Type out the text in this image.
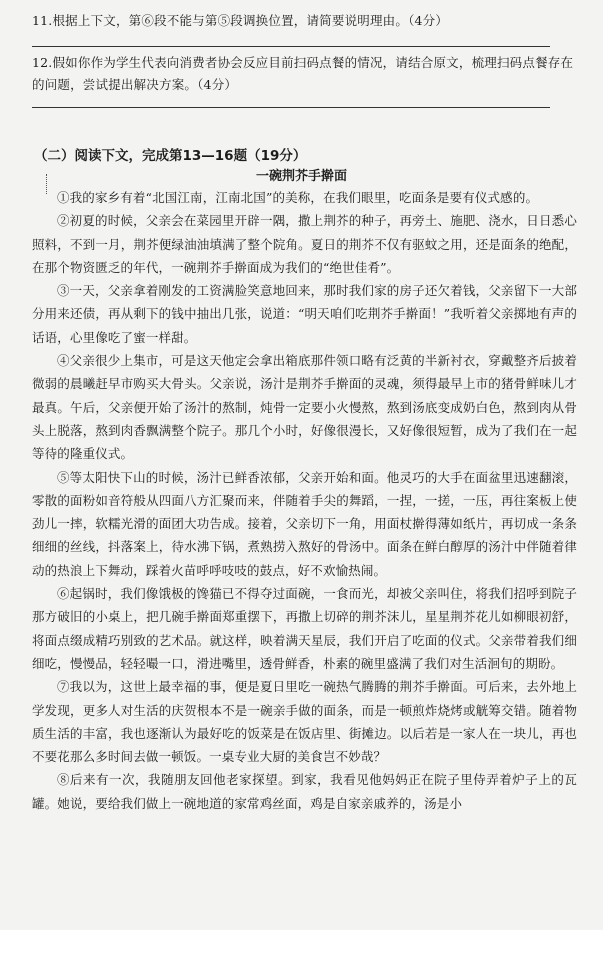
11.根据上下文，第⑥段不能与第⑤段调换位置，请简要说明理由。（4分）
12.假如你作为学生代表向消费者协会反应目前扫码点餐的情况，请结合原文，梳理扫码点餐存在的问题，尝试提出解决方案。（4分）
（二）阅读下文，完成第13—16题（19分）
一碗荆芥手擀面

①我的家乡有着“北国江南，江南北国”的美称，在我们眼里，吃面条是要有仪式感的。

②初夏的时候，父亲会在菜园里开辟一隅，撒上荆芥的种子，再旁土、施肥、浇水，日日悉心照料，不到一月，荆芥便绿油油填满了整个院角。夏日的荆芥不仅有驱蚊之用，还是面条的绝配，在那个物资匮乏的年代，一碗荆芥手擀面成为我们的“绝世佳肴”。

③一天，父亲拿着刚发的工资满脸笑意地回来，那时我们家的房子还欠着钱，父亲留下一大部分用来还债，再从剩下的钱中抽出几张，说道：“明天咱们吃荆芥手擀面！”我听着父亲掷地有声的话语，心里像吃了蜜一样甜。

④父亲很少上集市，可是这天他定会拿出箱底那件领口略有泛黄的半新衬衣，穿戴整齐后披着微弱的晨曦赶早市购买大骨头。父亲说，汤汁是荆芥手擀面的灵魂，须得最早上市的猪骨鲜味儿才最真。午后，父亲便开始了汤汁的熬制，炖骨一定要小火慢熬，熬到汤底变成奶白色，熬到肉从骨头上脱落，熬到肉香飘满整个院子。那几个小时，好像很漫长，又好像很短暂，成为了我们在一起等待的隆重仪式。

⑤等太阳快下山的时候，汤汁已鲜香浓郁，父亲开始和面。他灵巧的大手在面盆里迅速翻滚，零散的面粉如音符般从四面八方汇聚而来，伴随着手尖的舞蹈，一捏，一搓，一压，再往案板上使劲儿一摔，软糯光滑的面团大功告成。接着，父亲切下一角，用面杖擀得薄如纸片，再切成一条条细细的丝线，抖落案上，待水沸下锅，煮熟捞入熬好的骨汤中。面条在鲜白醇厚的汤汁中伴随着律动的热浪上下舞动，踩着火苗呼呼吱吱的鼓点，好不欢愉热闹。

⑥起锅时，我们像饿极的馋猫已不得夺过面碗，一食而光，却被父亲叫住，将我们招呼到院子那方破旧的小桌上，把几碗手擀面郑重摆下，再撒上切碎的荆芥沫儿，星星荆芥花儿如柳眼初舒，将面点缀成精巧别致的艺术品。就这样，映着满天星辰，我们开启了吃面的仪式。父亲带着我们细细吃，慢慢品，轻轻嘬一口，滑进嘴里，透骨鲜香，朴素的碗里盛满了我们对生活洄旬的期盼。

⑦我以为，这世上最幸福的事，便是夏日里吃一碗热气腾腾的荆芥手擀面。可后来，去外地上学发现，更多人对生活的庆贺根本不是一碗亲手做的面条，而是一顿煎炸烧烤或觥筹交错。随着物质生活的丰富，我也逐渐认为最好吃的饭菜是在饭店里、街摊边。以后若是一家人在一块儿，再也不要花那么多时间去做一顿饭。一桌专业大厨的美食岂不妙哉？

⑧后来有一次，我随朋友回他老家探望。到家，我看见他妈妈正在院子里侍弄着炉子上的瓦罐。她说，要给我们做上一碗地道的家常鸡丝面，鸡是自家亲戚养的，汤是小
